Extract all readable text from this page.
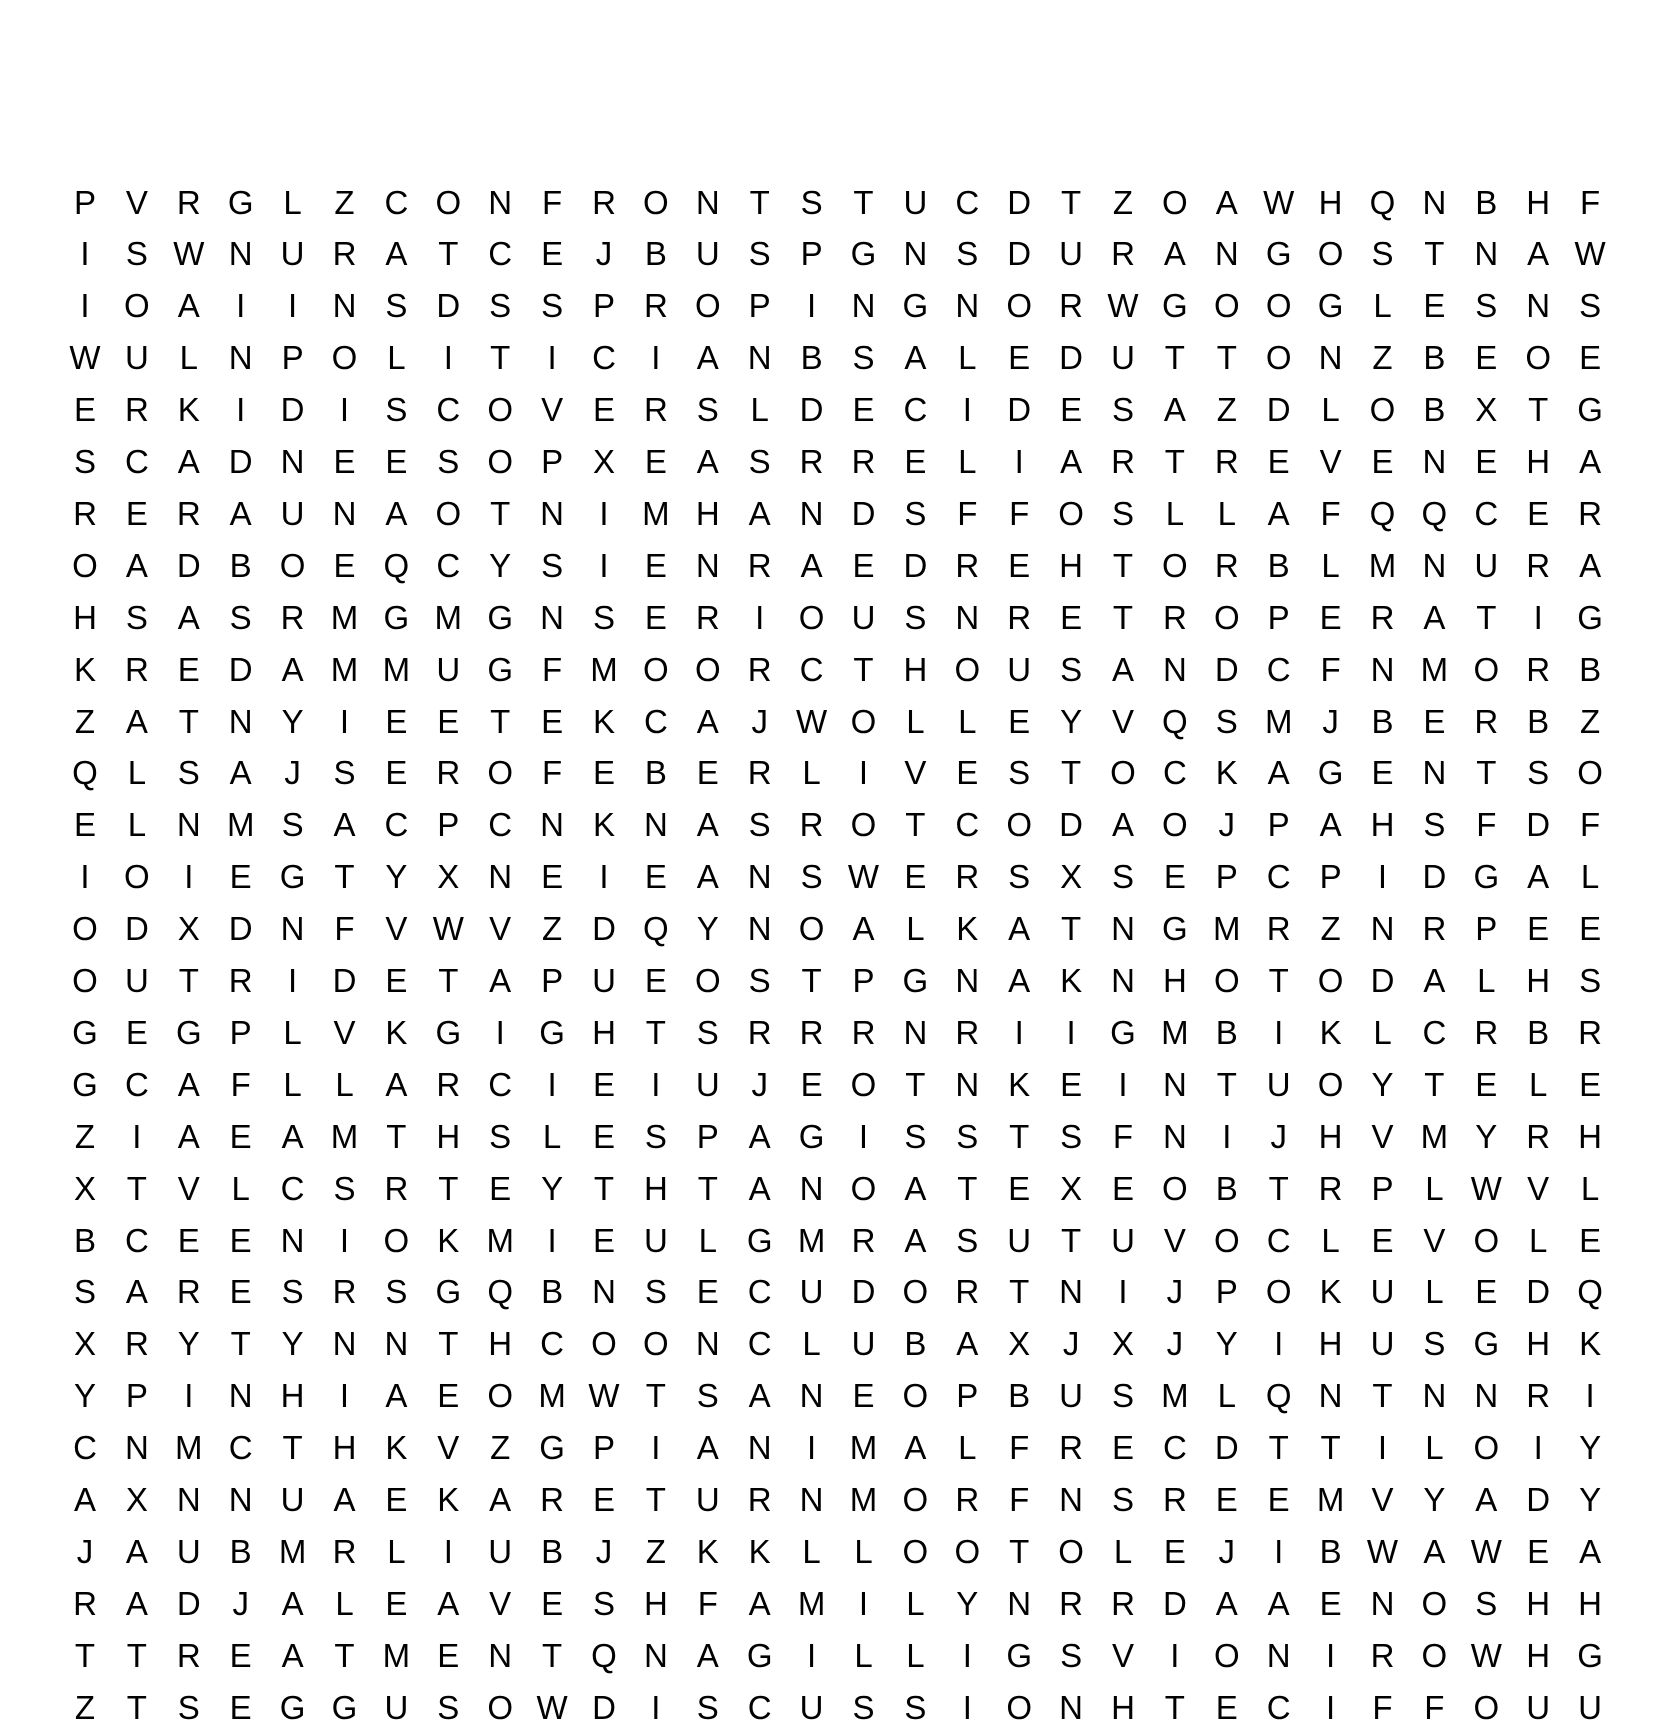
P V R G L Z C O N F R O N T S T U C D T Z O A W H Q N B H F
I	S W N U R A T C E J B U S P G N S D U R A N G O S T N A W
I	O A	I	I	N S D S S P R O P	I	N G N O R W G O O G L E S N S
W U L N P O L	I	T	I	C	I	A N B S A L E D U T T O N Z B E O E
E R K	I	D	I	S C O V E R S L D E C	I	D E S A Z D L O B X T G
S C A D N E E S O P X E A S R R E L	I	A R T R E V E N E H A
R E R A U N A O T N	I	M H A N D S F F O S L	L A F Q Q C E R
O A D B O E Q C Y S	I	E N R A E D R E H T O R B L M N U R A
H S A S R M G M G N S E R	I	O U S N R E T R O P E R A T	I	G
K R E D A M M U G F M O O R C T H O U S A N D C F N M O R B
Z A T N Y	I	E E T E K C A J W O L	L E Y V Q S M J B E R B Z
Q L S A J S E R O F E B E R L	I	V E S T O C K A G E N T S O
E L N M S A C P C N K N A S R O T C O D A O J P A H S F D F
I	O	I	E G T Y X N E	I	E A N S W E R S X S E P C P	I	D G A L
O D X D N F V W V Z D Q Y N O A L K A T N G M R Z N R P E E
O U T R	I	D E T A P U E O S T P G N A K N H O T O D A L H S
G E G P L V K G	I	G H T S R R R N R	I	I	G M B	I	K L C R B R
G C A F L	L A R C	I	E	I	U J E O T N K E	I	N T U O Y T E L E
Z	I	A E A M T H S L E S P A G	I	S S T S F N	I	J H V M Y R H
X T V L C S R T E Y T H T A N O A T E X E O B T R P L W V L
B C E E N	I	O K M	I	E U L G M R A S U T U V O C L E V O L E
S A R E S R S G Q B N S E C U D O R T N	I	J P O K U L E D Q
X R Y T Y N N T H C O O N C L U B A X J X J Y	I	H U S G H K
Y P	I	N H	I	A E O M W T S A N E O P B U S M L Q N T N N R	I
C N M C T H K V Z G P	I	A N	I	M A L F R E C D T T	I	L O	I	Y
A X N N U A E K A R E T U R N M O R F N S R E E M V Y A D Y
J A U B M R L	I	U B J	Z K K L	L O O T O L E J	I	B W A W E A
R A D J A L E A V E S H F A M	I	L Y N R R D A A E N O S H H
T T R E A T M E N T Q N A G	I	L	L	I	G S V	I	O N	I	R O W H G
Z T S E G G U S O W D	I	S C U S S	I	O N H T E C	I	F F O U U
